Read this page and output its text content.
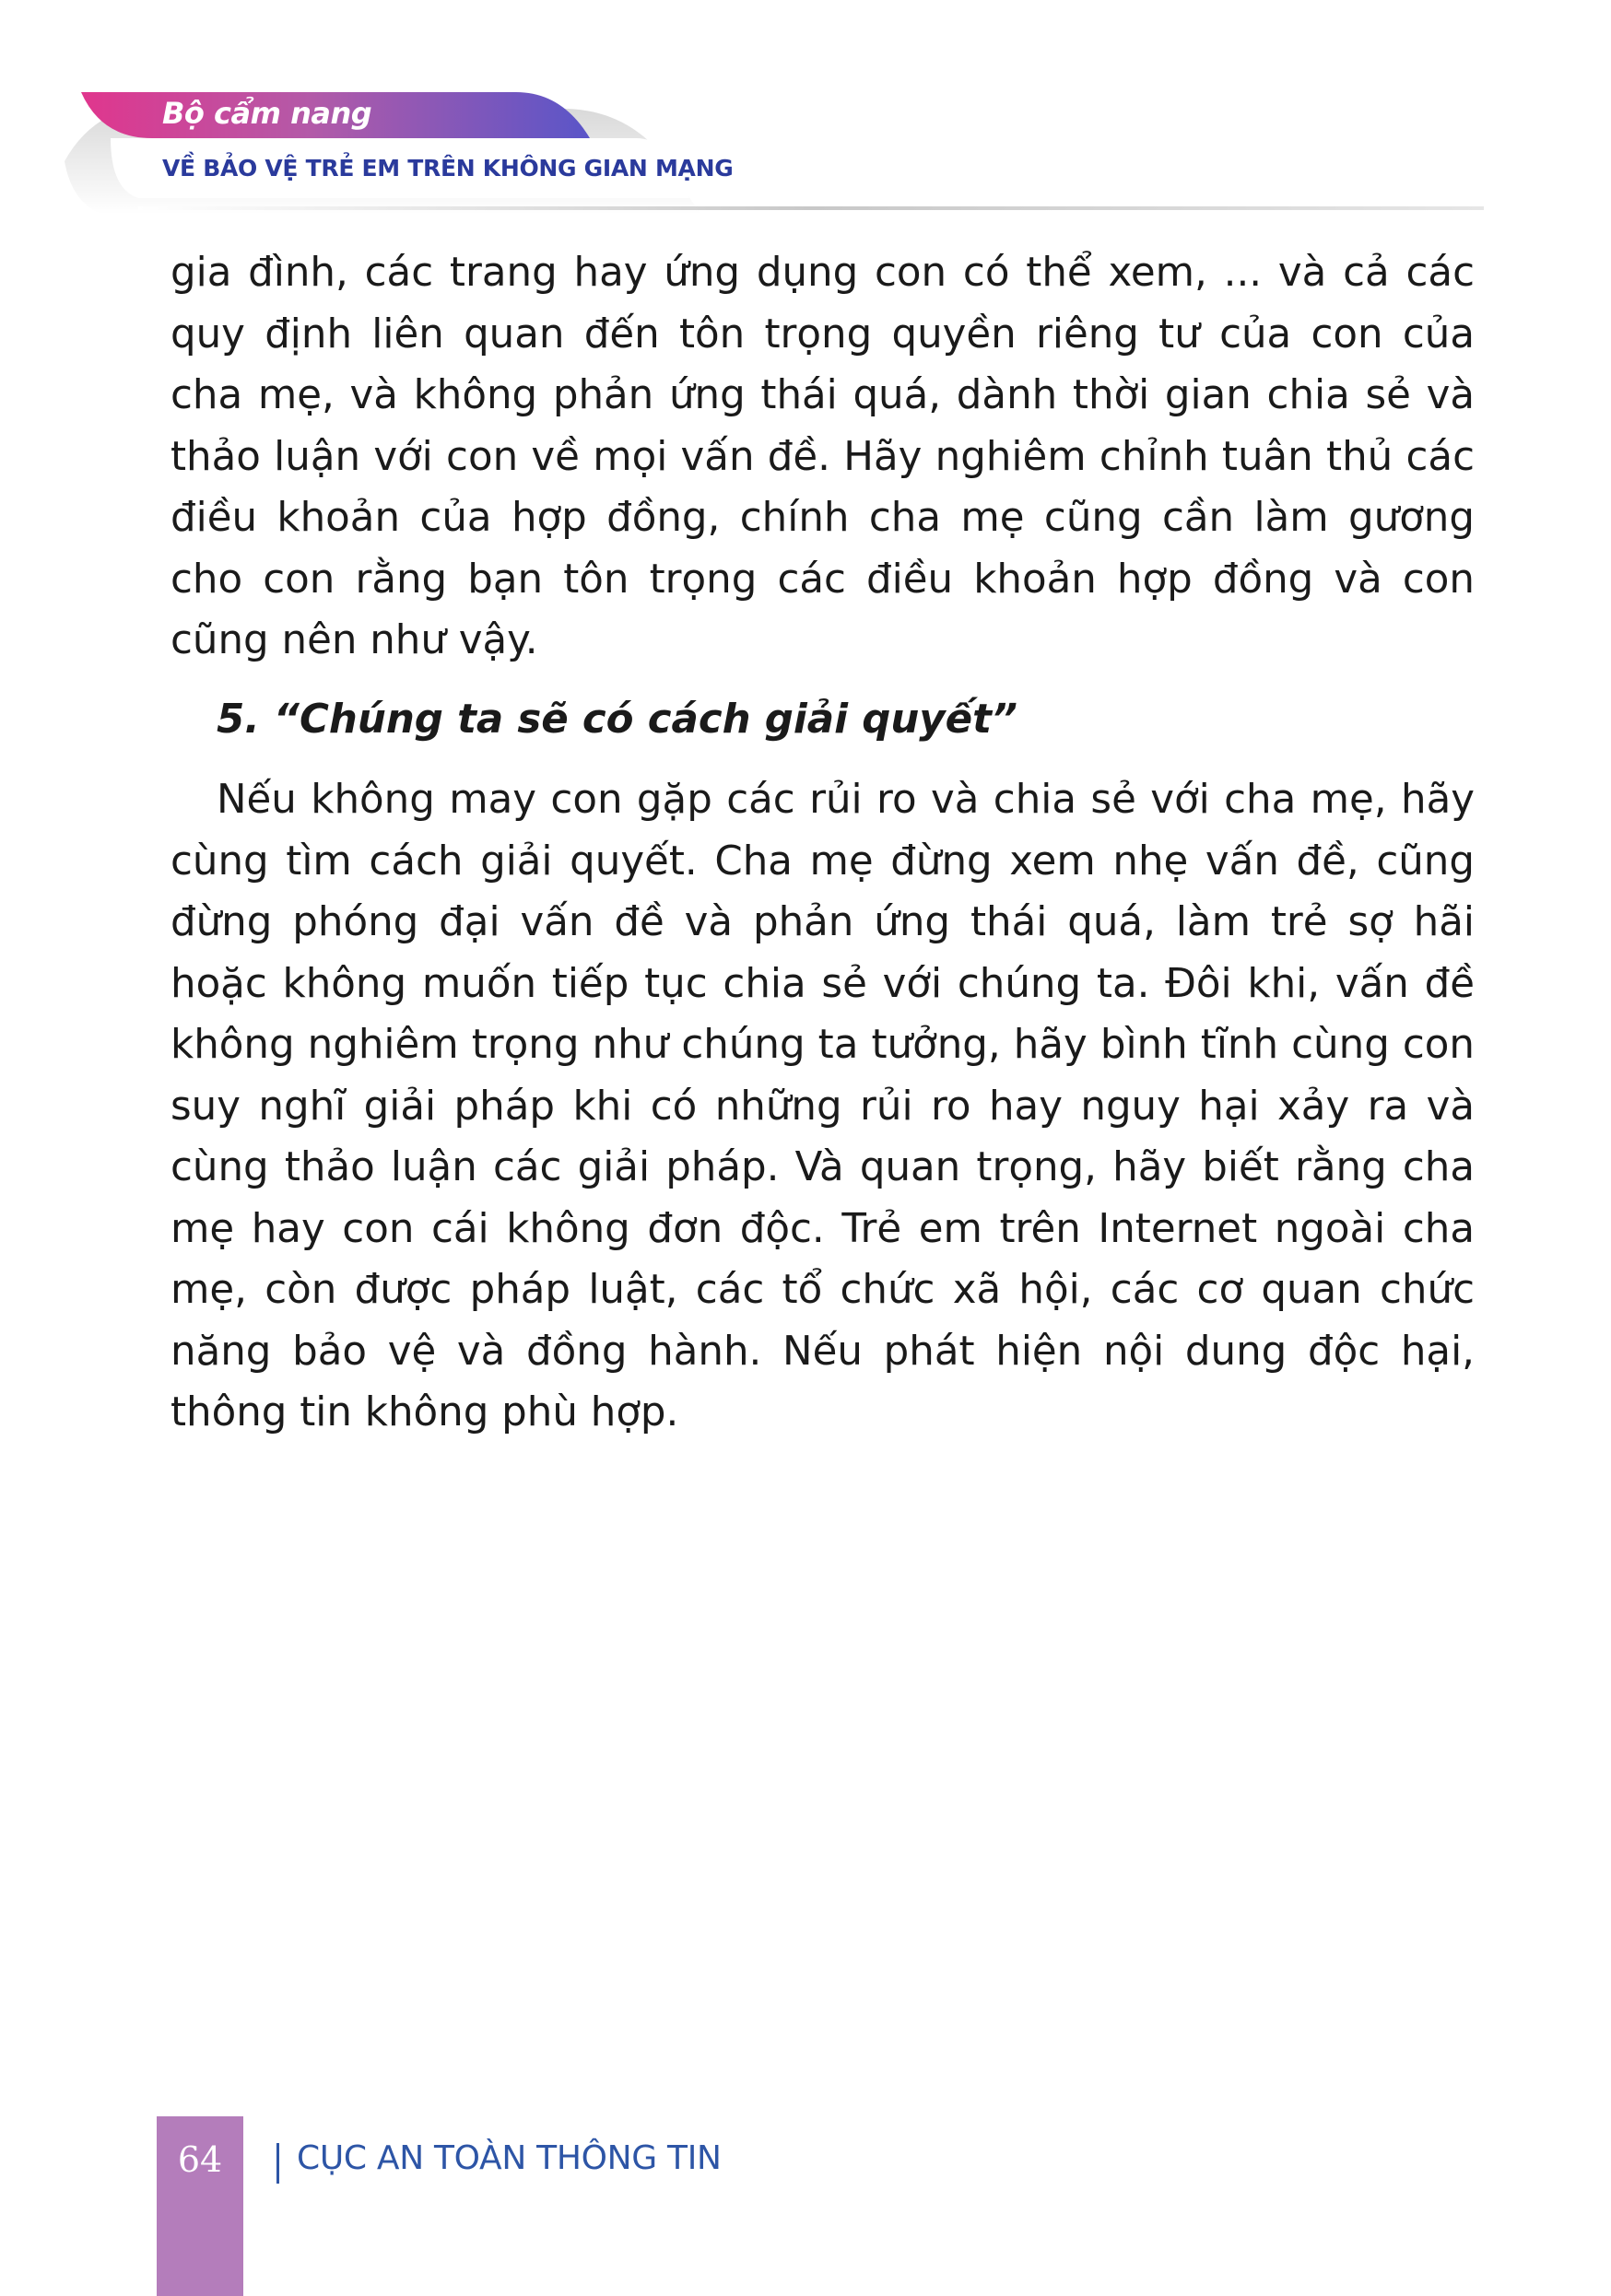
Bộ cẩm nang
VỀ BẢO VỆ TRẺ EM TRÊN KHÔNG GIAN MẠNG

gia đình, các trang hay ứng dụng con có thể xem, ... và cả các quy định liên quan đến tôn trọng quyền riêng tư của con của cha mẹ, và không phản ứng thái quá, dành thời gian chia sẻ và thảo luận với con về mọi vấn đề. Hãy nghiêm chỉnh tuân thủ các điều khoản của hợp đồng, chính cha mẹ cũng cần làm gương cho con rằng bạn tôn trọng các điều khoản hợp đồng và con cũng nên như vậy.

5. “Chúng ta sẽ có cách giải quyết”

Nếu không may con gặp các rủi ro và chia sẻ với cha mẹ, hãy cùng tìm cách giải quyết. Cha mẹ đừng xem nhẹ vấn đề, cũng đừng phóng đại vấn đề và phản ứng thái quá, làm trẻ sợ hãi hoặc không muốn tiếp tục chia sẻ với chúng ta. Đôi khi, vấn đề không nghiêm trọng như chúng ta tưởng, hãy bình tĩnh cùng con suy nghĩ giải pháp khi có những rủi ro hay nguy hại xảy ra và cùng thảo luận các giải pháp. Và quan trọng, hãy biết rằng cha mẹ hay con cái không đơn độc. Trẻ em trên Internet ngoài cha mẹ, còn được pháp luật, các tổ chức xã hội, các cơ quan chức năng bảo vệ và đồng hành. Nếu phát hiện nội dung độc hại, thông tin không phù hợp.

64	CỤC AN TOÀN THÔNG TIN
